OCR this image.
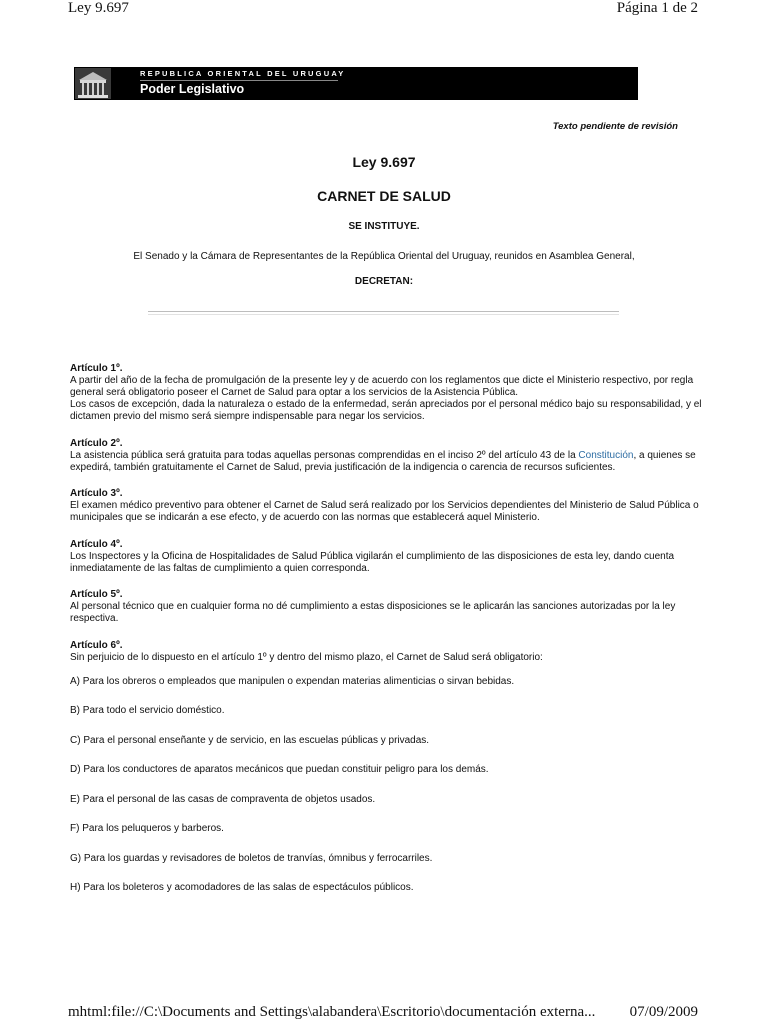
Ley 9.697	Página 1 de 2
REPUBLICA ORIENTAL DEL URUGUAY
Poder Legislativo
Texto pendiente de revisión
Ley 9.697
CARNET DE SALUD
SE INSTITUYE.
El Senado y la Cámara de Representantes de la República Oriental del Uruguay, reunidos en Asamblea General,
DECRETAN:
Artículo 1º.
A partir del año de la fecha de promulgación de la presente ley y de acuerdo con los reglamentos que dicte el Ministerio respectivo, por regla general será obligatorio poseer el Carnet de Salud para optar a los servicios de la Asistencia Pública.
Los casos de excepción, dada la naturaleza o estado de la enfermedad, serán apreciados por el personal médico bajo su responsabilidad, y el dictamen previo del mismo será siempre indispensable para negar los servicios.
Artículo 2º.
La asistencia pública será gratuita para todas aquellas personas comprendidas en el inciso 2º del artículo 43 de la Constitución, a quienes se expedirá, también gratuitamente el Carnet de Salud, previa justificación de la indigencia o carencia de recursos suficientes.
Artículo 3º.
El examen médico preventivo para obtener el Carnet de Salud será realizado por los Servicios dependientes del Ministerio de Salud Pública o municipales que se indicarán a ese efecto, y de acuerdo con las normas que establecerá aquel Ministerio.
Artículo 4º.
Los Inspectores y la Oficina de Hospitalidades de Salud Pública vigilarán el cumplimiento de las disposiciones de esta ley, dando cuenta inmediatamente de las faltas de cumplimiento a quien corresponda.
Artículo 5º.
Al personal técnico que en cualquier forma no dé cumplimiento a estas disposiciones se le aplicarán las sanciones autorizadas por la ley respectiva.
Artículo 6º.
Sin perjuicio de lo dispuesto en el artículo 1º y dentro del mismo plazo, el Carnet de Salud será obligatorio:
A) Para los obreros o empleados que manipulen o expendan materias alimenticias o sirvan bebidas.
B) Para todo el servicio doméstico.
C) Para el personal enseñante y de servicio, en las escuelas públicas y privadas.
D) Para los conductores de aparatos mecánicos que puedan constituir peligro para los demás.
E) Para el personal de las casas de compraventa de objetos usados.
F) Para los peluqueros y barberos.
G) Para los guardas y revisadores de boletos de tranvías, ómnibus y ferrocarriles.
H) Para los boleteros y acomodadores de las salas de espectáculos públicos.
mhtml:file://C:\Documents and Settings\alabandera\Escritorio\documentación externa... 07/09/2009
